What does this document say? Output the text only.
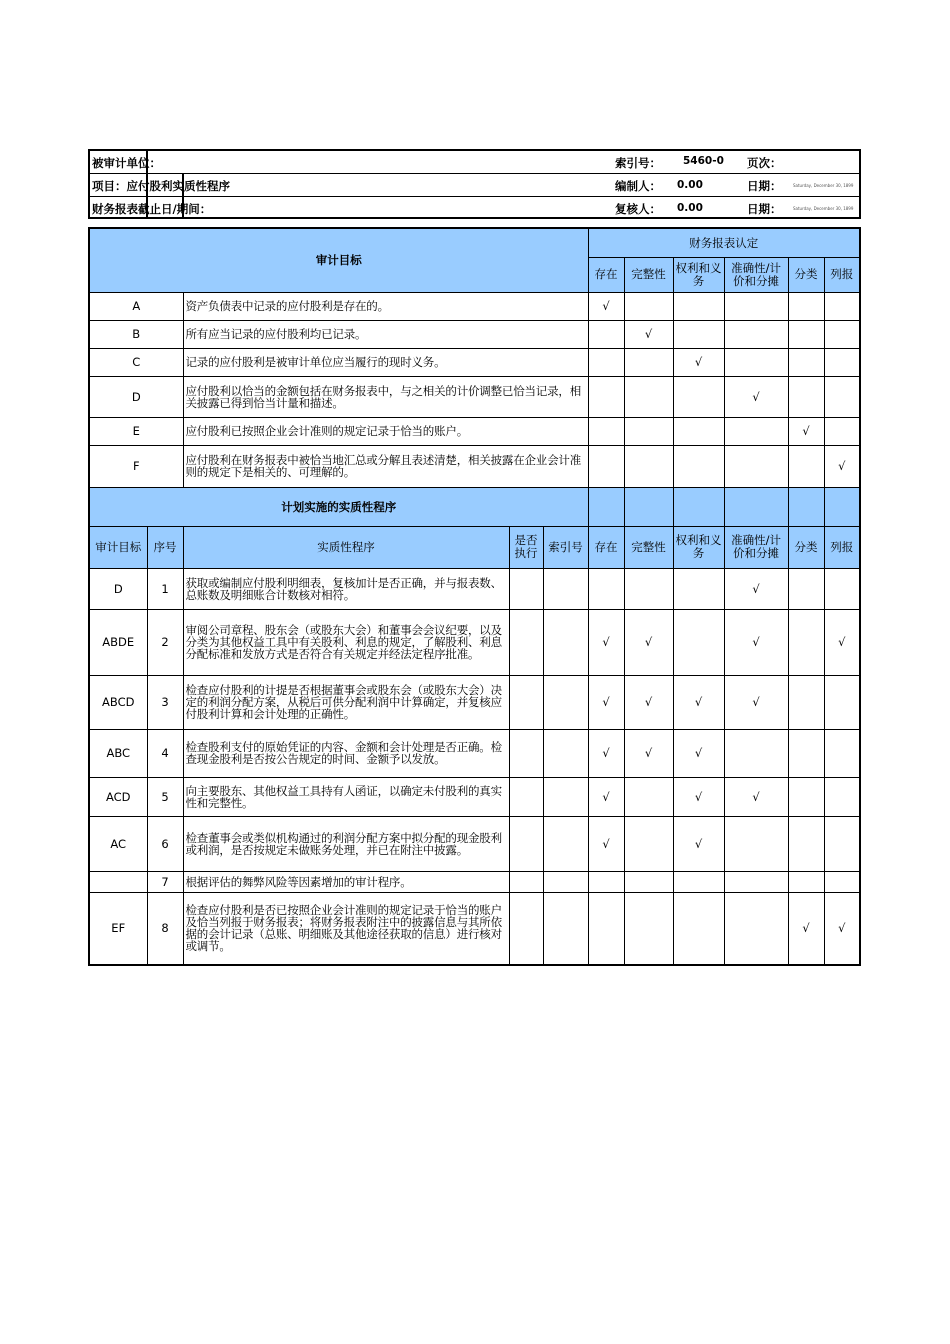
被审计单位：	索引号： 5460-0 页次：
项目：应付股利实质性程序	编制人： 0.00	日期：	Saturday, December 30, 1899
财务报表截止日/期间：	复核人： 0.00	日期：	Saturday, December 30, 1899
审计目标					财务报表认定					
					存在	完整性	权利和义务	准确性/计价和分摊	分类	列报
A		资产负债表中记录的应付股利是存在的。			√					
B		所有应当记录的应付股利均已记录。				√				
C		记录的应付股利是被审计单位应当履行的现时义务。					√			
D		应付股利以恰当的金额包括在财务报表中，与之相关的计价调整已恰当记录，相关披露已得到恰当计量和描述。						√		
E		应付股利已按照企业会计准则的规定记录于恰当的账户。							√	
F		应付股利在财务报表中被恰当地汇总或分解且表述清楚，相关披露在企业会计准则的规定下是相关的、可理解的。								√
计划实施的实质性程序										
审计目标	序号	实质性程序	是否执行	索引号	存在	完整性	权利和义务	准确性/计价和分摊	分类	列报
D	1	获取或编制应付股利明细表，复核加计是否正确，并与报表数、总账数及明细账合计数核对相符。						√		
ABDE	2	审阅公司章程、股东会（或股东大会）和董事会会议纪要，以及分类为其他权益工具中有关股利、利息的规定，了解股利、利息分配标准和发放方式是否符合有关规定并经法定程序批准。			√	√		√		√
ABCD	3	检查应付股利的计提是否根据董事会或股东会（或股东大会）决定的利润分配方案，从税后可供分配利润中计算确定，并复核应付股利计算和会计处理的正确性。			√	√	√	√		
ABC	4	检查股利支付的原始凭证的内容、金额和会计处理是否正确。检查现金股利是否按公告规定的时间、金额予以发放。			√	√	√			
ACD	5	向主要股东、其他权益工具持有人函证，以确定未付股利的真实性和完整性。			√		√	√		
AC	6	检查董事会或类似机构通过的利润分配方案中拟分配的现金股利或利润，是否按规定未做账务处理，并已在附注中披露。			√		√			
	7	根据评估的舞弊风险等因素增加的审计程序。								
EF	8	检查应付股利是否已按照企业会计准则的规定记录于恰当的账户及恰当列报于财务报表；将财务报表附注中的披露信息与其所依据的会计记录（总账、明细账及其他途径获取的信息）进行核对或调节。							√	√
